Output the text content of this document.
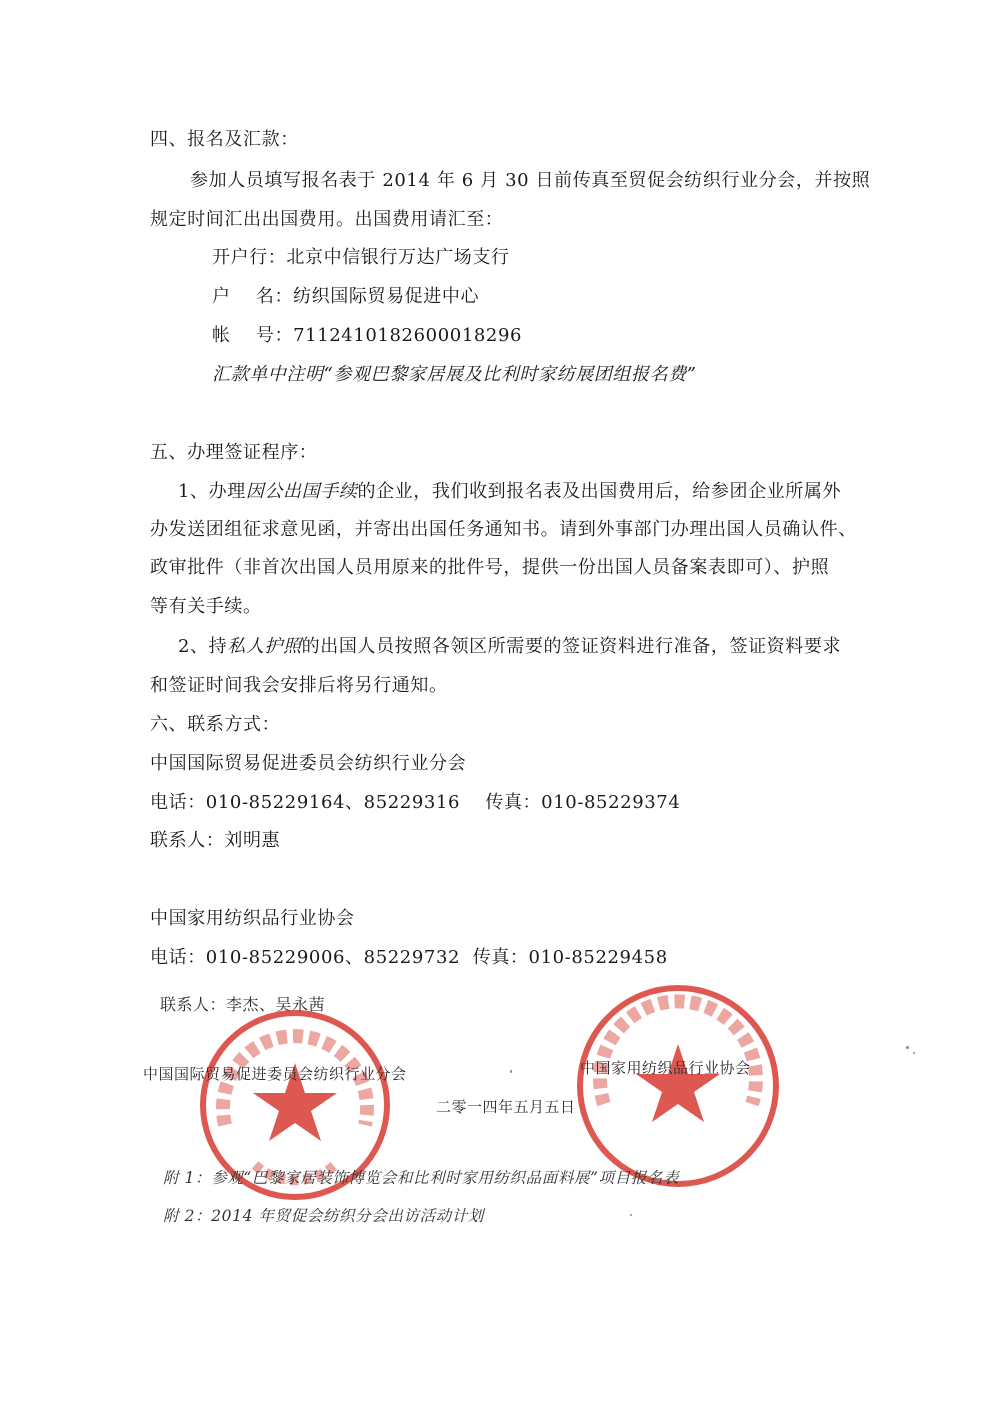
四、报名及汇款：
参加人员填写报名表于 2014 年 6 月 30 日前传真至贸促会纺织行业分会，并按照
规定时间汇出出国费用。出国费用请汇至：
开户行：北京中信银行万达广场支行
户    名：纺织国际贸易促进中心
帐    号：7112410182600018296
汇款单中注明“参观巴黎家居展及比利时家纺展团组报名费”
五、办理签证程序：
1、办理因公出国手续的企业，我们收到报名表及出国费用后，给参团企业所属外
办发送团组征求意见函，并寄出出国任务通知书。请到外事部门办理出国人员确认件、
政审批件（非首次出国人员用原来的批件号，提供一份出国人员备案表即可）、护照
等有关手续。
2、持私人护照的出国人员按照各领区所需要的签证资料进行准备，签证资料要求
和签证时间我会安排后将另行通知。
六、联系方式：
中国国际贸易促进委员会纺织行业分会
电话：010-85229164、85229316    传真：010-85229374
联系人：刘明惠
中国家用纺织品行业协会
电话：010-85229006、85229732  传真：010-85229458
联系人：李杰、吴永茜
中国国际贸易促进委员会纺织行业分会	中国家用纺织品行业协会
二零一四年五月五日
附 1：参观“巴黎家居装饰博览会和比利时家用纺织品面料展”项目报名表
附 2：2014 年贸促会纺织分会出访活动计划
